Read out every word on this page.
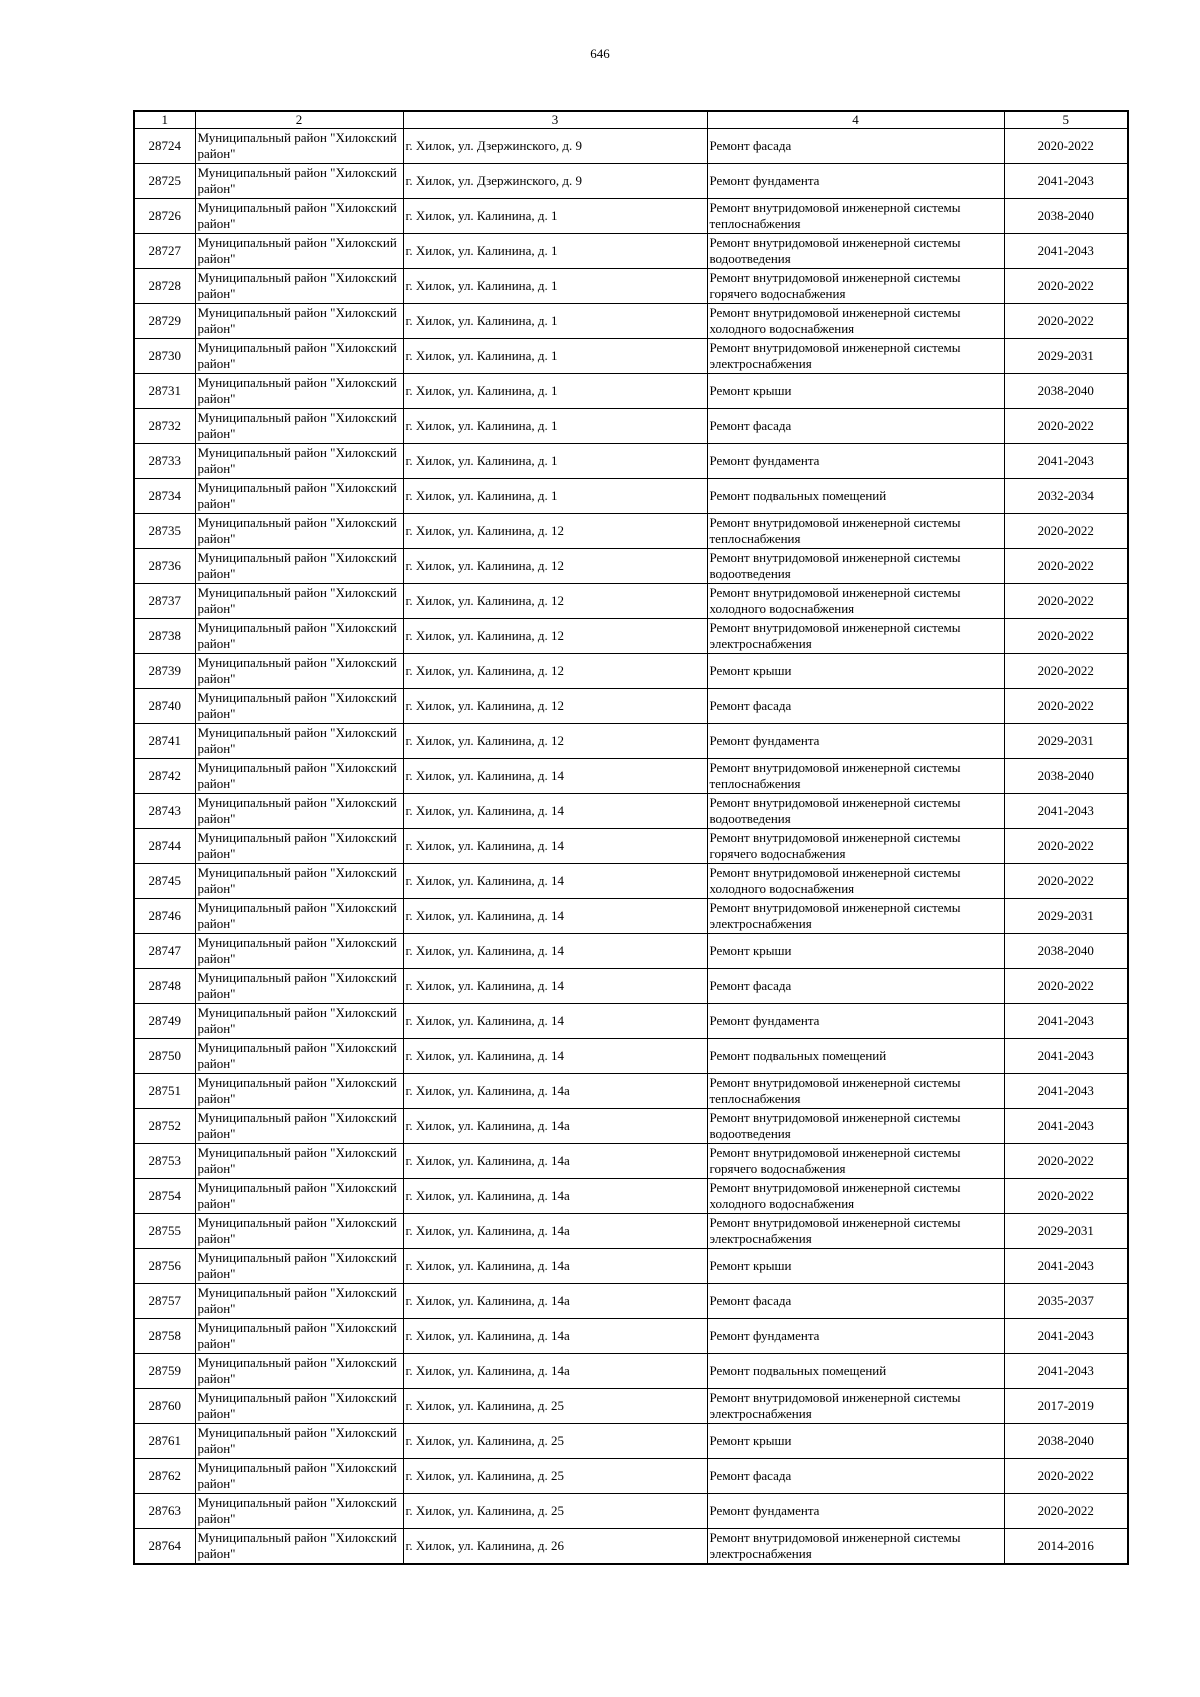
646
1	2	3	4	5
28724	Муниципальный район "Хилокский район"	г. Хилок, ул. Дзержинского, д. 9	Ремонт фасада	2020-2022
28725	Муниципальный район "Хилокский район"	г. Хилок, ул. Дзержинского, д. 9	Ремонт фундамента	2041-2043
28726	Муниципальный район "Хилокский район"	г. Хилок, ул. Калинина, д. 1	Ремонт внутридомовой инженерной системы теплоснабжения	2038-2040
28727	Муниципальный район "Хилокский район"	г. Хилок, ул. Калинина, д. 1	Ремонт внутридомовой инженерной системы водоотведения	2041-2043
28728	Муниципальный район "Хилокский район"	г. Хилок, ул. Калинина, д. 1	Ремонт внутридомовой инженерной системы горячего водоснабжения	2020-2022
28729	Муниципальный район "Хилокский район"	г. Хилок, ул. Калинина, д. 1	Ремонт внутридомовой инженерной системы холодного водоснабжения	2020-2022
28730	Муниципальный район "Хилокский район"	г. Хилок, ул. Калинина, д. 1	Ремонт внутридомовой инженерной системы электроснабжения	2029-2031
28731	Муниципальный район "Хилокский район"	г. Хилок, ул. Калинина, д. 1	Ремонт крыши	2038-2040
28732	Муниципальный район "Хилокский район"	г. Хилок, ул. Калинина, д. 1	Ремонт фасада	2020-2022
28733	Муниципальный район "Хилокский район"	г. Хилок, ул. Калинина, д. 1	Ремонт фундамента	2041-2043
28734	Муниципальный район "Хилокский район"	г. Хилок, ул. Калинина, д. 1	Ремонт подвальных помещений	2032-2034
28735	Муниципальный район "Хилокский район"	г. Хилок, ул. Калинина, д. 12	Ремонт внутридомовой инженерной системы теплоснабжения	2020-2022
28736	Муниципальный район "Хилокский район"	г. Хилок, ул. Калинина, д. 12	Ремонт внутридомовой инженерной системы водоотведения	2020-2022
28737	Муниципальный район "Хилокский район"	г. Хилок, ул. Калинина, д. 12	Ремонт внутридомовой инженерной системы холодного водоснабжения	2020-2022
28738	Муниципальный район "Хилокский район"	г. Хилок, ул. Калинина, д. 12	Ремонт внутридомовой инженерной системы электроснабжения	2020-2022
28739	Муниципальный район "Хилокский район"	г. Хилок, ул. Калинина, д. 12	Ремонт крыши	2020-2022
28740	Муниципальный район "Хилокский район"	г. Хилок, ул. Калинина, д. 12	Ремонт фасада	2020-2022
28741	Муниципальный район "Хилокский район"	г. Хилок, ул. Калинина, д. 12	Ремонт фундамента	2029-2031
28742	Муниципальный район "Хилокский район"	г. Хилок, ул. Калинина, д. 14	Ремонт внутридомовой инженерной системы теплоснабжения	2038-2040
28743	Муниципальный район "Хилокский район"	г. Хилок, ул. Калинина, д. 14	Ремонт внутридомовой инженерной системы водоотведения	2041-2043
28744	Муниципальный район "Хилокский район"	г. Хилок, ул. Калинина, д. 14	Ремонт внутридомовой инженерной системы горячего водоснабжения	2020-2022
28745	Муниципальный район "Хилокский район"	г. Хилок, ул. Калинина, д. 14	Ремонт внутридомовой инженерной системы холодного водоснабжения	2020-2022
28746	Муниципальный район "Хилокский район"	г. Хилок, ул. Калинина, д. 14	Ремонт внутридомовой инженерной системы электроснабжения	2029-2031
28747	Муниципальный район "Хилокский район"	г. Хилок, ул. Калинина, д. 14	Ремонт крыши	2038-2040
28748	Муниципальный район "Хилокский район"	г. Хилок, ул. Калинина, д. 14	Ремонт фасада	2020-2022
28749	Муниципальный район "Хилокский район"	г. Хилок, ул. Калинина, д. 14	Ремонт фундамента	2041-2043
28750	Муниципальный район "Хилокский район"	г. Хилок, ул. Калинина, д. 14	Ремонт подвальных помещений	2041-2043
28751	Муниципальный район "Хилокский район"	г. Хилок, ул. Калинина, д. 14а	Ремонт внутридомовой инженерной системы теплоснабжения	2041-2043
28752	Муниципальный район "Хилокский район"	г. Хилок, ул. Калинина, д. 14а	Ремонт внутридомовой инженерной системы водоотведения	2041-2043
28753	Муниципальный район "Хилокский район"	г. Хилок, ул. Калинина, д. 14а	Ремонт внутридомовой инженерной системы горячего водоснабжения	2020-2022
28754	Муниципальный район "Хилокский район"	г. Хилок, ул. Калинина, д. 14а	Ремонт внутридомовой инженерной системы холодного водоснабжения	2020-2022
28755	Муниципальный район "Хилокский район"	г. Хилок, ул. Калинина, д. 14а	Ремонт внутридомовой инженерной системы электроснабжения	2029-2031
28756	Муниципальный район "Хилокский район"	г. Хилок, ул. Калинина, д. 14а	Ремонт крыши	2041-2043
28757	Муниципальный район "Хилокский район"	г. Хилок, ул. Калинина, д. 14а	Ремонт фасада	2035-2037
28758	Муниципальный район "Хилокский район"	г. Хилок, ул. Калинина, д. 14а	Ремонт фундамента	2041-2043
28759	Муниципальный район "Хилокский район"	г. Хилок, ул. Калинина, д. 14а	Ремонт подвальных помещений	2041-2043
28760	Муниципальный район "Хилокский район"	г. Хилок, ул. Калинина, д. 25	Ремонт внутридомовой инженерной системы электроснабжения	2017-2019
28761	Муниципальный район "Хилокский район"	г. Хилок, ул. Калинина, д. 25	Ремонт крыши	2038-2040
28762	Муниципальный район "Хилокский район"	г. Хилок, ул. Калинина, д. 25	Ремонт фасада	2020-2022
28763	Муниципальный район "Хилокский район"	г. Хилок, ул. Калинина, д. 25	Ремонт фундамента	2020-2022
28764	Муниципальный район "Хилокский район"	г. Хилок, ул. Калинина, д. 26	Ремонт внутридомовой инженерной системы электроснабжения	2014-2016
